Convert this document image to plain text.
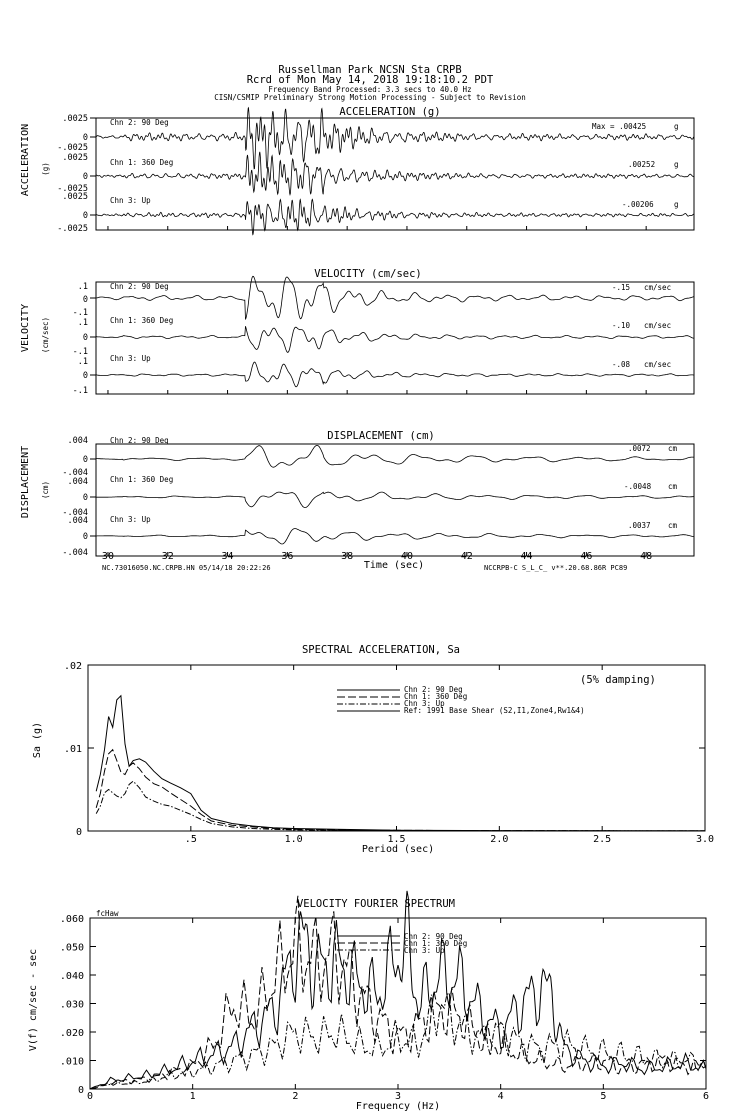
Russellman Park NCSN Sta CRPB
Rcrd of Mon May 14, 2018 19:18:10.2 PDT
Frequency Band Processed: 3.3 secs to 40.0 Hz
CISN/CSMIP Preliminary Strong Motion Processing - Subject to Revision
ACCELERATION (g)
ACCELERATION (g)
.0025
0
Chn 2: 90 Deg	Max = .00425	g
-.0025
.0025
0
Chn 1: 360 Deg	.00252	g
-.0025
.0025
0
-.0025
Chn 3: Up	-.00206	g
VELOCITY (cm/sec)
VELOCITY (cm/sec)
.1
0
-.1
Chn 2: 90 Deg	-.15 cm/sec
.1
0
-.1
Chn 1: 360 Deg
-.10 cm/sec
.1
0
-.1
Chn 3: Up
-.08 cm/sec
DISPLACEMENT (cm)
DISPLACEMENT (cm)
.004
0
-.004
Chn 2: 90 Deg
.0072 cm
.004
0
-.004
Chn 1: 360 Deg
-.0048 cm
.004
0
-.004
Chn 3: Up
.0037 cm
Time (sec)
NC.73016050.NC.CRPB.HN 05/14/18 20:22:26	NCCRPB-C S_L_C_ v**.20.68.86R PC89
30	32	34	36	38	40	42	44	46	48
SPECTRAL ACCELERATION, Sa
Sa (g)
(5% damping)
Period (sec)
.5	1.0	1.5	2.0	2.5	3.0
.02
.01
0
Chn 2: 90 Deg
Chn 1: 360 Deg
Chn 3: Up
Ref: 1991 Base Shear (S2,I1,Zone4,Rw1&4)
VELOCITY FOURIER SPECTRUM
fcHaw
V(f) cm/sec - sec
Frequency (Hz)
0	1	2	3	4	5	6
.060
.050
.040
.030
.020
.010
0
Chn 2: 90 Deg
Chn 1: 360 Deg
Chn 3: Up
